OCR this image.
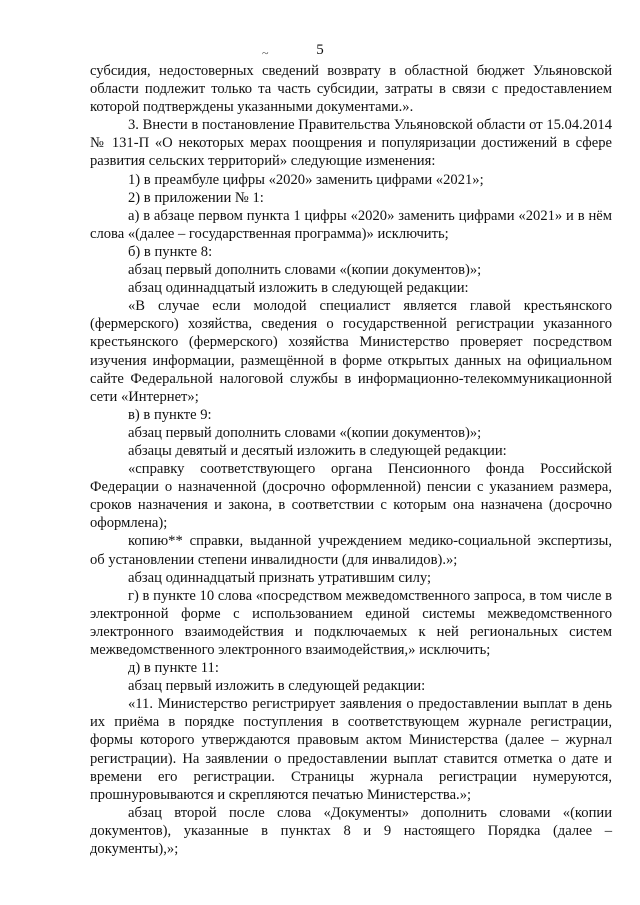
~	5

субсидия, недостоверных сведений возврату в областной бюджет Ульяновской области подлежит только та часть субсидии, затраты в связи с предоставлением которой подтверждены указанными документами.».

3. Внести в постановление Правительства Ульяновской области от 15.04.2014 № 131-П «О некоторых мерах поощрения и популяризации достижений в сфере развития сельских территорий» следующие изменения:

1) в преамбуле цифры «2020» заменить цифрами «2021»;

2) в приложении № 1:

а) в абзаце первом пункта 1 цифры «2020» заменить цифрами «2021» и в нём слова «(далее – государственная программа)» исключить;

б) в пункте 8:

абзац первый дополнить словами «(копии документов)»;

абзац одиннадцатый изложить в следующей редакции:

«В случае если молодой специалист является главой крестьянского (фермерского) хозяйства, сведения о государственной регистрации указанного крестьянского (фермерского) хозяйства Министерство проверяет посредством изучения информации, размещённой в форме открытых данных на официальном сайте Федеральной налоговой службы в информационно-телекоммуникационной сети «Интернет»;

в) в пункте 9:

абзац первый дополнить словами «(копии документов)»;

абзацы девятый и десятый изложить в следующей редакции:

«справку соответствующего органа Пенсионного фонда Российской Федерации о назначенной (досрочно оформленной) пенсии с указанием размера, сроков назначения и закона, в соответствии с которым она назначена (досрочно оформлена);

копию** справки, выданной учреждением медико-социальной экспертизы, об установлении степени инвалидности (для инвалидов).»;

абзац одиннадцатый признать утратившим силу;

г) в пункте 10 слова «посредством межведомственного запроса, в том числе в электронной форме с использованием единой системы межведомственного электронного взаимодействия и подключаемых к ней региональных систем межведомственного электронного взаимодействия,» исключить;

д) в пункте 11:

абзац первый изложить в следующей редакции:

«11. Министерство регистрирует заявления о предоставлении выплат в день их приёма в порядке поступления в соответствующем журнале регистрации, формы которого утверждаются правовым актом Министерства (далее – журнал регистрации). На заявлении о предоставлении выплат ставится отметка о дате и времени его регистрации. Страницы журнала регистрации нумеруются, прошнуровываются и скрепляются печатью Министерства.»;

абзац второй после слова «Документы» дополнить словами «(копии документов), указанные в пунктах 8 и 9 настоящего Порядка (далее – документы),»;
